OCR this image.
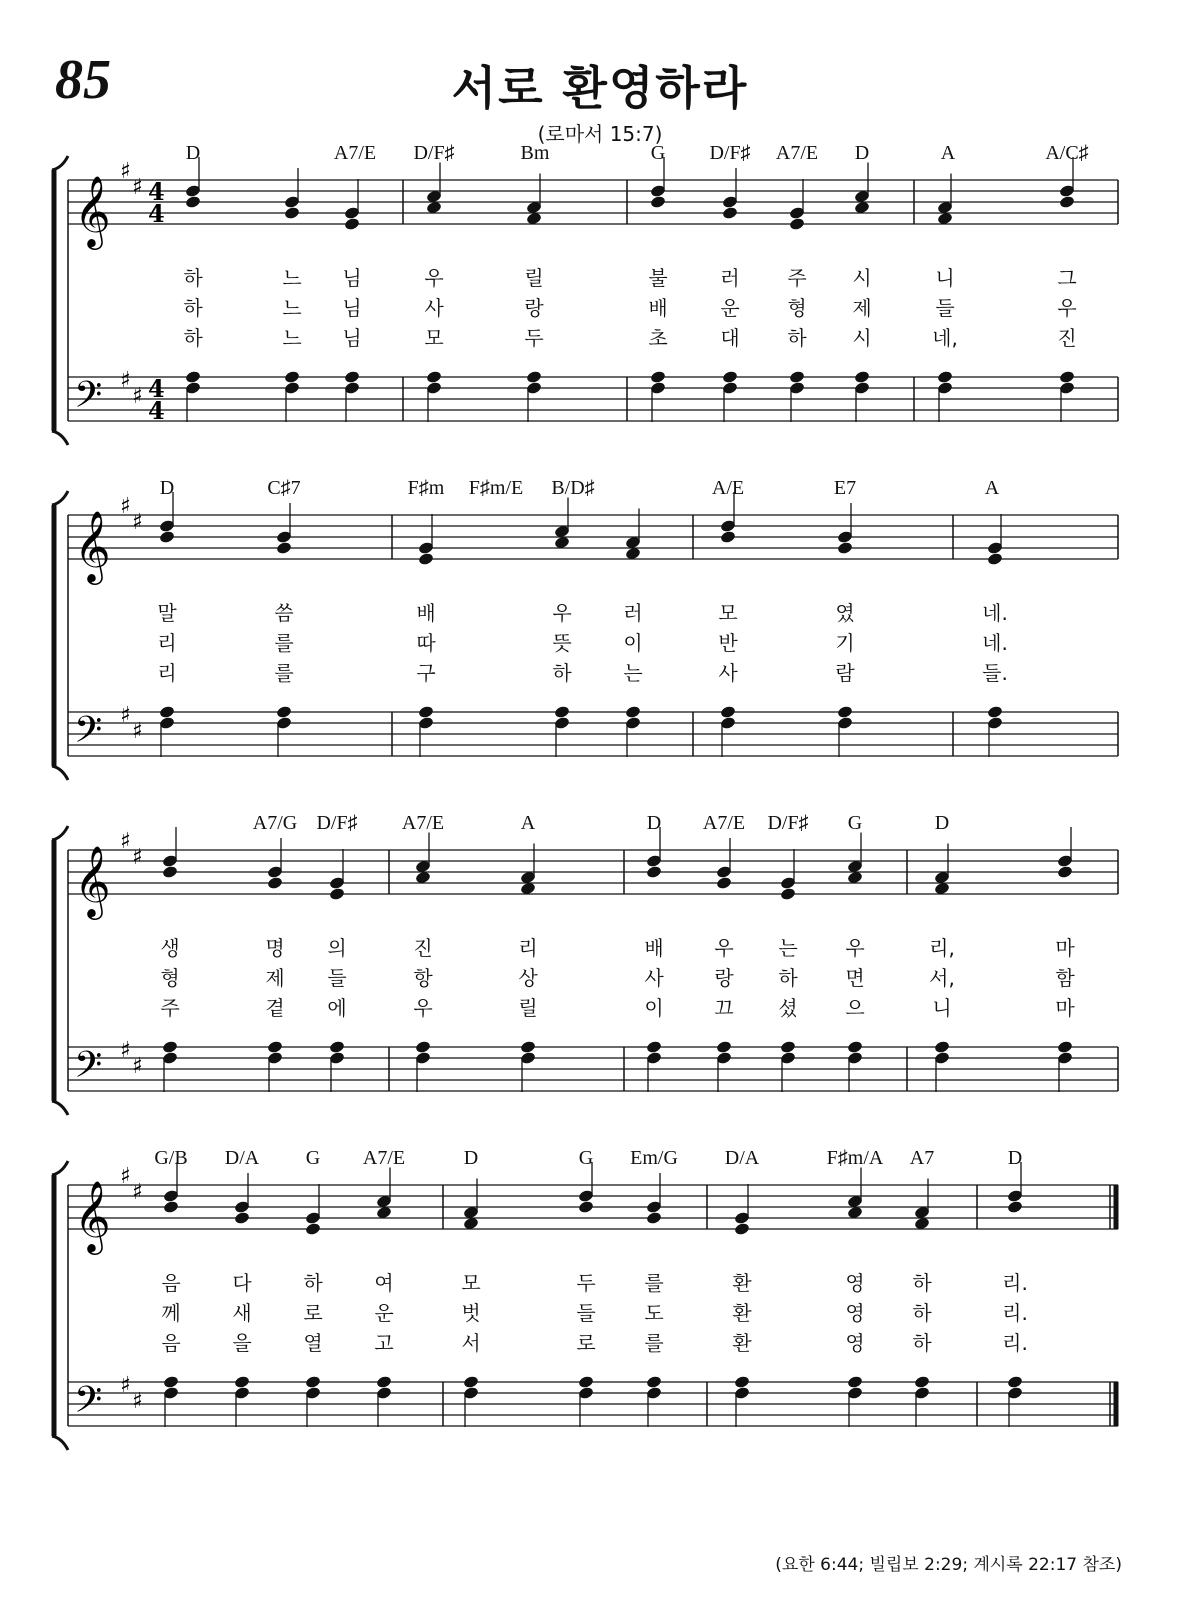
85	서로 환영하라
(로마서 15:7)
𝄞
𝄢
♯
♯
♯
♯
4
4
4
4
D	A7/E D/F♯	Bm	G D/F♯ A7/E D	A	A/C♯
하	느 님	우	릴	불	러 주 시	니	그
하	느 님	사	랑	배	운 형 제	들	우
하	느 님	모	두	초	대 하 시	네,	진
𝄞
𝄢
♯
♯
♯
♯
D	C♯7	F♯m F♯m/E B/D♯	A/E	E7	A
말	씀	배	우	러	모	였	네.
리	를	따	뜻	이	반	기	네.
리	를	구	하	는	사	람	들.
𝄞
𝄢
♯
♯
♯
♯
A7/G D/F♯ A7/E	A	D A7/E D/F♯ G	D
생	명 의	진	리	배	우 는 우	리,	마
형	제 들	항	상	사	랑 하 면	서,	함
주	곁 에	우	릴	이	끄 셨 으	니	마
𝄞
𝄢
♯
♯
♯
♯
G/B D/A G A7/E	D	G Em/G D/A	F♯m/A A7	D
음	다	하	여	모	두 를	환	영 하	리.
께	새	로	운	벗	들 도	환	영 하	리.
음	을	열	고	서	로 를	환	영 하	리.
(요한 6:44; 빌립보 2:29; 계시록 22:17 참조)
